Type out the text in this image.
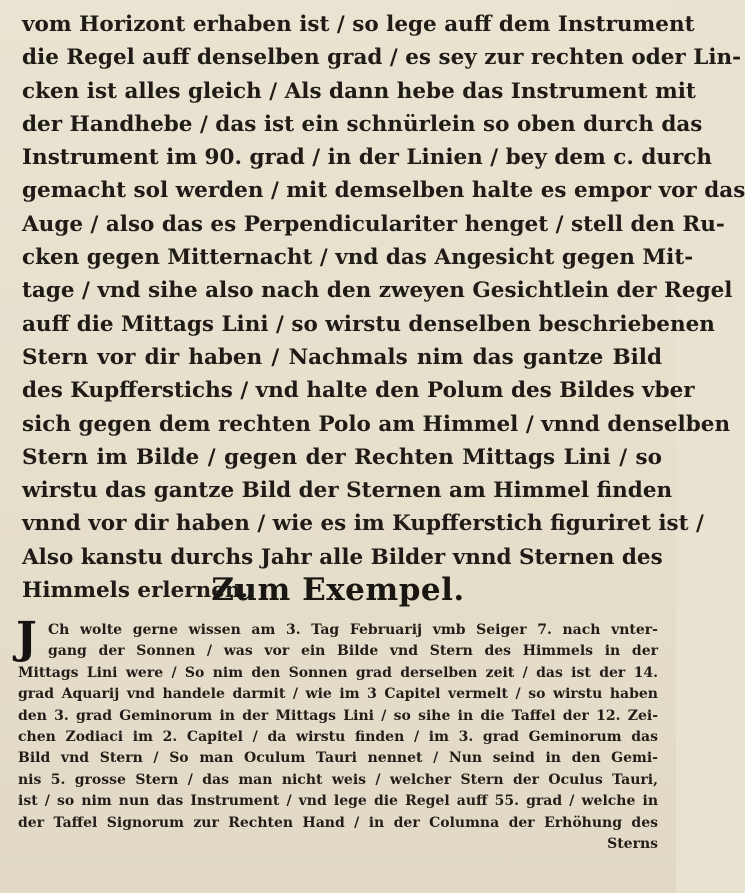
vom Horizont erhaben ist / so lege auff dem Instrument
die Regel auff denselben grad / es sey zur rechten oder Lin-
cken ist alles gleich / Als dann hebe das Instrument mit
der Handhebe / das ist ein schnürlein so oben durch das
Instrument im 90. grad / in der Linien / bey dem c. durch
gemacht sol werden / mit demselben halte es empor vor das
Auge / also das es Perpendiculariter henget / stell den Ru-
cken gegen Mitternacht / vnd das Angesicht gegen Mit-
tage / vnd sihe also nach den zweyen Gesichtlein der Regel
auff die Mittags Lini / so wirstu denselben beschriebenen
Stern vor dir haben / Nachmals nim das gantze Bild
des Kupfferstichs / vnd halte den Polum des Bildes vber
sich gegen dem rechten Polo am Himmel / vnnd denselben
Stern im Bilde / gegen der Rechten Mittags Lini / so
wirstu das gantze Bild der Sternen am Himmel finden
vnnd vor dir haben / wie es im Kupfferstich figuriret ist /
Also kanstu durchs Jahr alle Bilder vnnd Sternen des
Himmels erlernen.
Zum Exempel.
J Ch wolte gerne wissen am 3. Tag Februarij vmb Seiger 7. nach vnter-
gang der Sonnen / was vor ein Bilde vnd Stern des Himmels in der
Mittags Lini were / So nim den Sonnen grad derselben zeit / das ist der 14.
grad Aquarij vnd handele darmit / wie im 3 Capitel vermelt / so wirstu haben
den 3. grad Geminorum in der Mittags Lini / so sihe in die Taffel der 12. Zei-
chen Zodiaci im 2. Capitel / da wirstu finden / im 3. grad Geminorum das
Bild vnd Stern / So man Oculum Tauri nennet / Nun seind in den Gemi-
nis 5. grosse Stern / das man nicht weis / welcher Stern der Oculus Tauri,
ist / so nim nun das Instrument / vnd lege die Regel auff 55. grad / welche in
der Taffel Signorum zur Rechten Hand / in der Columna der Erhöhung des
Sterns
